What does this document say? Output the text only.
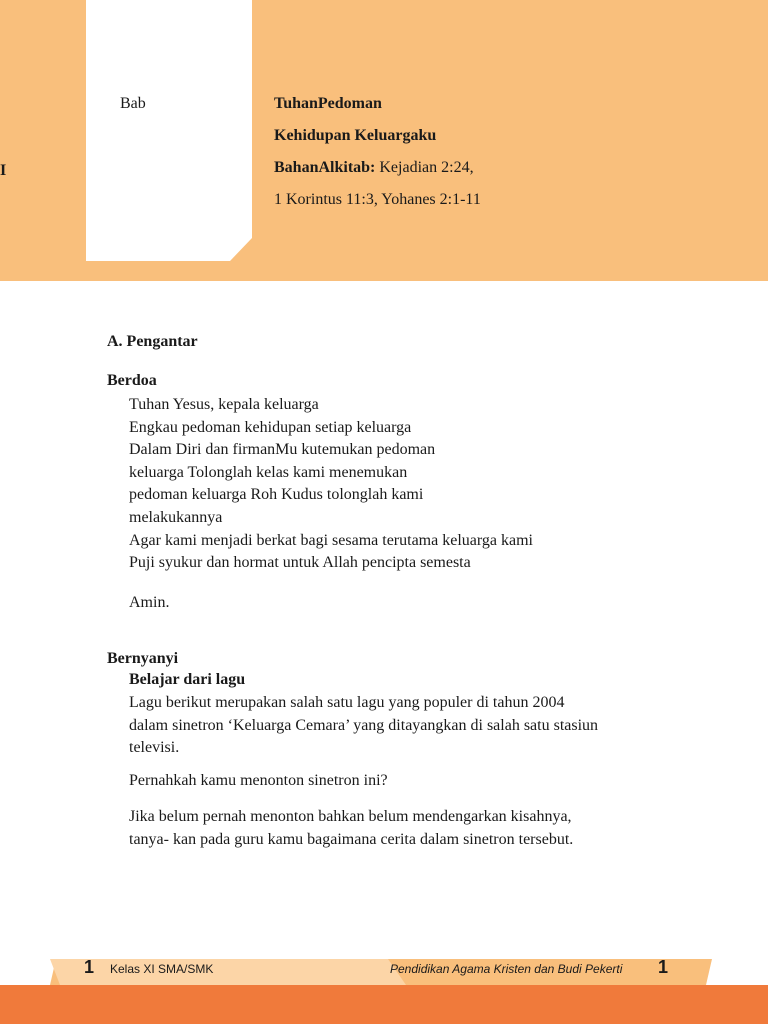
Bab
I
TuhanPedoman
Kehidupan Keluargaku
BahanAlkitab: Kejadian 2:24,
1 Korintus 11:3, Yohanes 2:1-11
A. Pengantar
Berdoa
Tuhan Yesus, kepala keluarga
Engkau pedoman kehidupan setiap keluarga
Dalam Diri dan firmanMu kutemukan pedoman
keluarga Tolonglah kelas kami menemukan
pedoman keluarga Roh Kudus tolonglah kami
melakukannya
Agar kami menjadi berkat bagi sesama terutama keluarga kami
Puji syukur dan hormat untuk Allah pencipta semesta
Amin.
Bernyanyi
Belajar dari lagu
Lagu berikut merupakan salah satu lagu yang populer di tahun 2004
dalam sinetron ‘Keluarga Cemara’ yang ditayangkan di salah satu stasiun
televisi.
Pernahkah kamu menonton sinetron ini?
Jika belum pernah menonton bahkan belum mendengarkan kisahnya,
tanya- kan pada guru kamu bagaimana cerita dalam sinetron tersebut.
1 Kelas XI SMA/SMK	Pendidikan Agama Kristen dan Budi Pekerti	1
